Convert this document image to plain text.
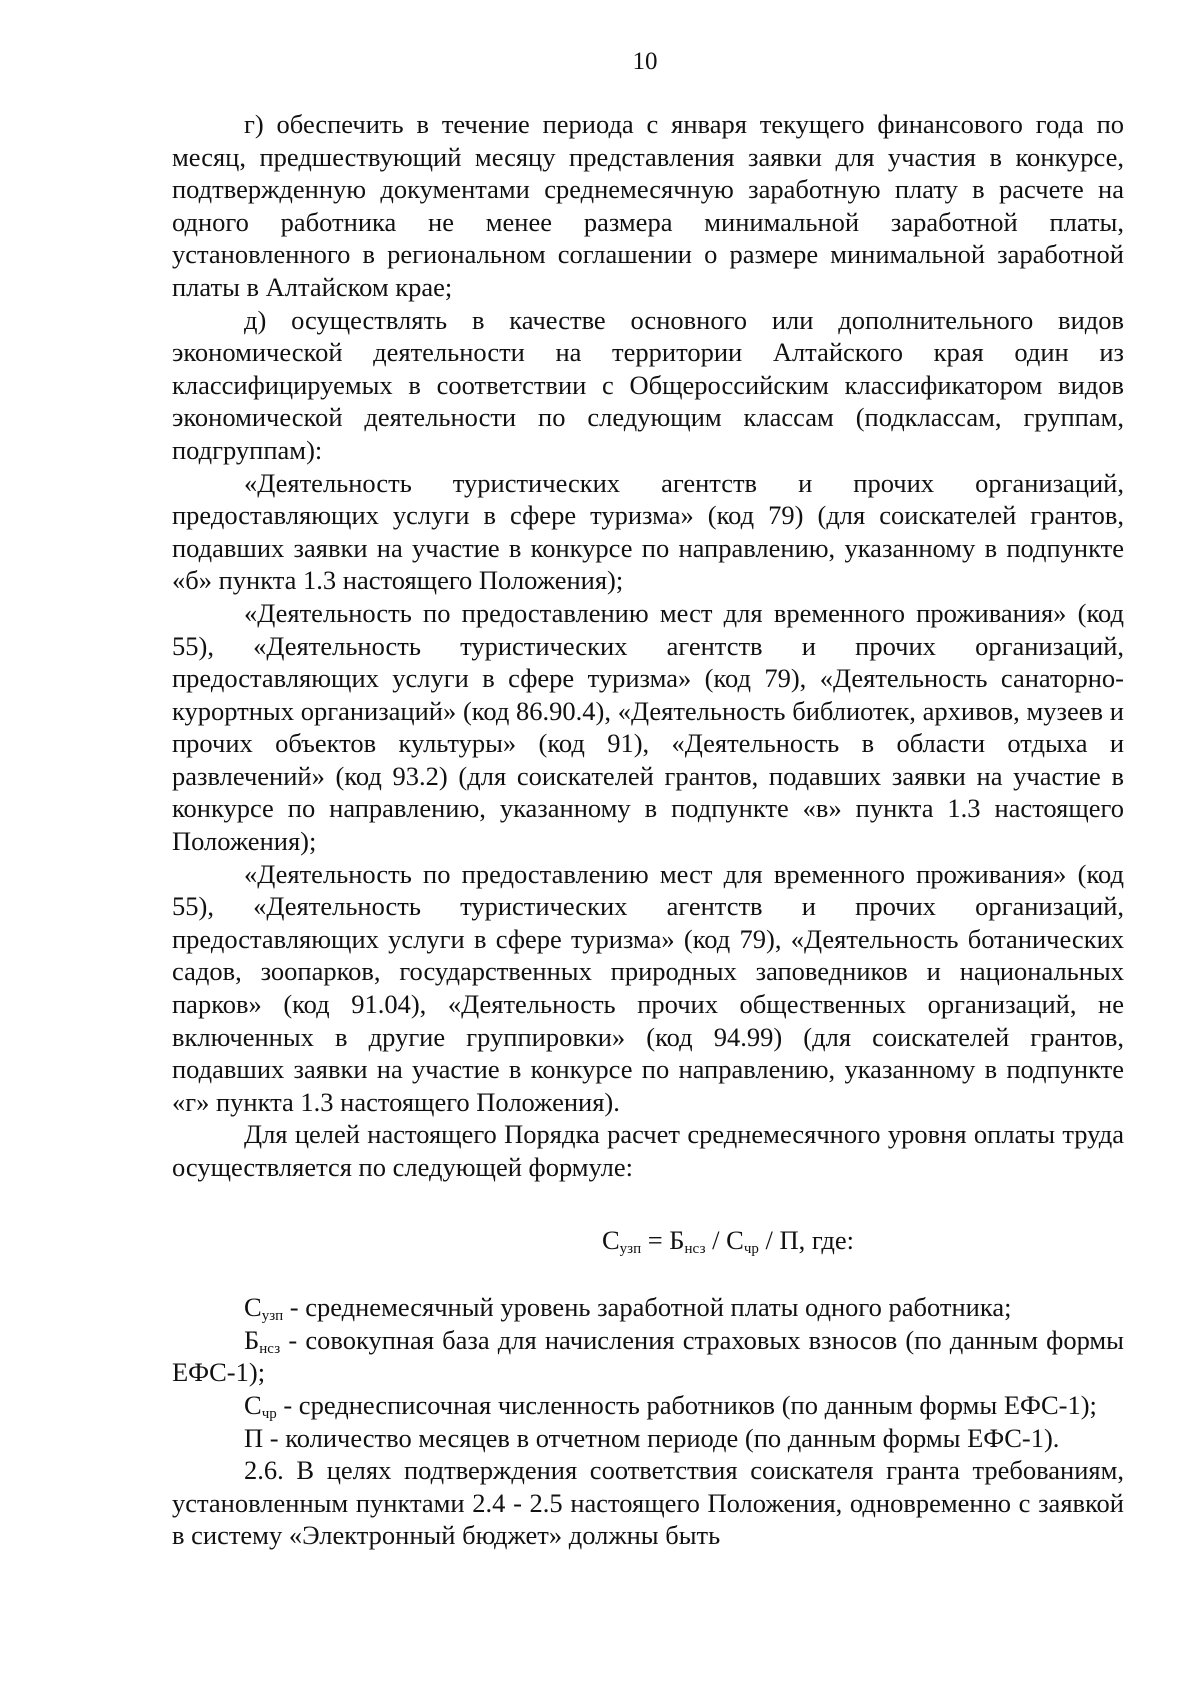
10

г) обеспечить в течение периода с января текущего финансового года по месяц, предшествующий месяцу представления заявки для участия в конкурсе, подтвержденную документами среднемесячную заработную плату в расчете на одного работника не менее размера минимальной заработной платы, установленного в региональном соглашении о размере минимальной заработной платы в Алтайском крае;

д) осуществлять в качестве основного или дополнительного видов экономической деятельности на территории Алтайского края один из классифицируемых в соответствии с Общероссийским классификатором видов экономической деятельности по следующим классам (подклассам, группам, подгруппам):

«Деятельность туристических агентств и прочих организаций, предоставляющих услуги в сфере туризма» (код 79) (для соискателей грантов, подавших заявки на участие в конкурсе по направлению, указанному в подпункте «б» пункта 1.3 настоящего Положения);

«Деятельность по предоставлению мест для временного проживания» (код 55), «Деятельность туристических агентств и прочих организаций, предоставляющих услуги в сфере туризма» (код 79), «Деятельность санаторно-курортных организаций» (код 86.90.4), «Деятельность библиотек, архивов, музеев и прочих объектов культуры» (код 91), «Деятельность в области отдыха и развлечений» (код 93.2) (для соискателей грантов, подавших заявки на участие в конкурсе по направлению, указанному в подпункте «в» пункта 1.3 настоящего Положения);

«Деятельность по предоставлению мест для временного проживания» (код 55), «Деятельность туристических агентств и прочих организаций, предоставляющих услуги в сфере туризма» (код 79), «Деятельность ботанических садов, зоопарков, государственных природных заповедников и национальных парков» (код 91.04), «Деятельность прочих общественных организаций, не включенных в другие группировки» (код 94.99) (для соискателей грантов, подавших заявки на участие в конкурсе по направлению, указанному в подпункте «г» пункта 1.3 настоящего Положения).

Для целей настоящего Порядка расчет среднемесячного уровня оплаты труда осуществляется по следующей формуле:

$С_{узп} = Б_{нсз} / С_{чр} / П$, где:

$С_{узп}$ - среднемесячный уровень заработной платы одного работника;

$Б_{нсз}$ - совокупная база для начисления страховых взносов (по данным формы ЕФС-1);

$С_{чр}$ - среднесписочная численность работников (по данным формы ЕФС-1);

П - количество месяцев в отчетном периоде (по данным формы ЕФС-1).

2.6. В целях подтверждения соответствия соискателя гранта требованиям, установленным пунктами 2.4 - 2.5 настоящего Положения, одновременно с заявкой в систему «Электронный бюджет» должны быть
